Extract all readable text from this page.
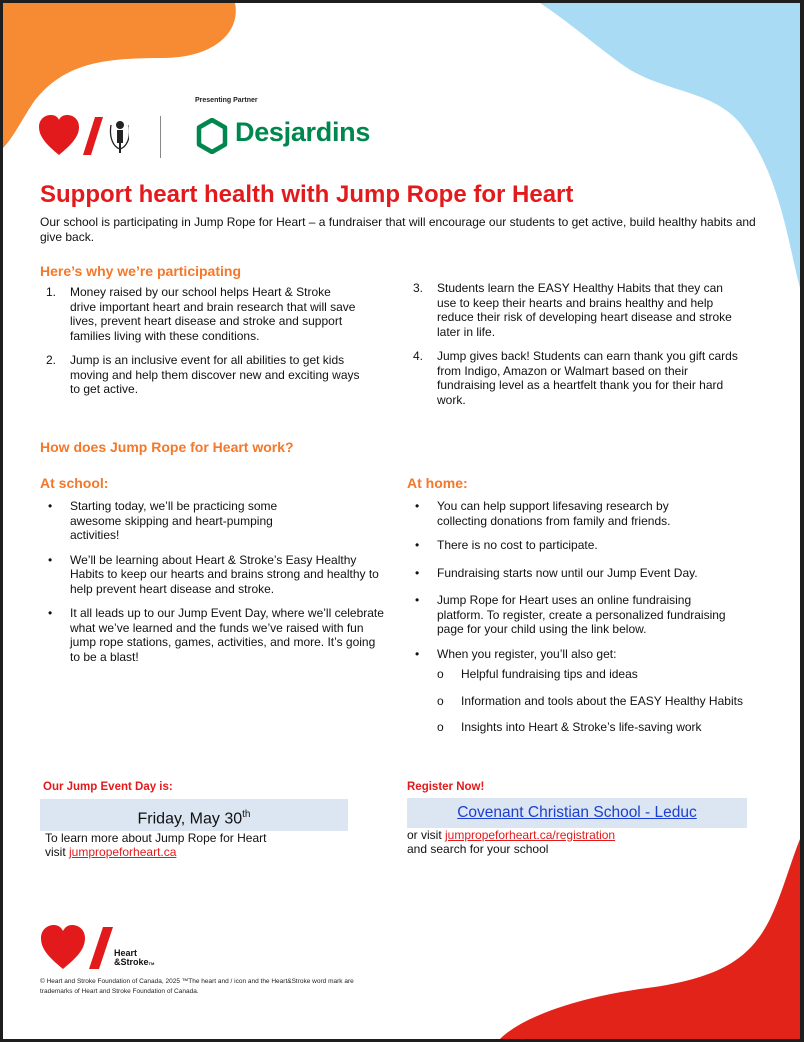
Presenting Partner
Desjardins
Support heart health with Jump Rope for Heart

Our school is participating in Jump Rope for Heart – a fundraiser that will encourage our students to get active, build healthy habits and give back.

Here’s why we’re participating
1. Money raised by our school helps Heart & Stroke drive important heart and brain research that will save lives, prevent heart disease and stroke and support families living with these conditions.
2. Jump is an inclusive event for all abilities to get kids moving and help them discover new and exciting ways to get active.
3. Students learn the EASY Healthy Habits that they can use to keep their hearts and brains healthy and help reduce their risk of developing heart disease and stroke later in life.
4. Jump gives back! Students can earn thank you gift cards from Indigo, Amazon or Walmart based on their fundraising level as a heartfelt thank you for their hard work.
How does Jump Rope for Heart work?
At school:
• Starting today, we’ll be practicing some awesome skipping and heart-pumping activities!
• We’ll be learning about Heart & Stroke’s Easy Healthy Habits to keep our hearts and brains strong and healthy to help prevent heart disease and stroke.
• It all leads up to our Jump Event Day, where we’ll celebrate what we’ve learned and the funds we’ve raised with fun jump rope stations, games, activities, and more. It’s going to be a blast!
At home:
• You can help support lifesaving research by collecting donations from family and friends.
• There is no cost to participate.
• Fundraising starts now until our Jump Event Day.
• Jump Rope for Heart uses an online fundraising platform. To register, create a personalized fundraising page for your child using the link below.
• When you register, you’ll also get:
o Helpful fundraising tips and ideas
o Information and tools about the EASY Healthy Habits
o Insights into Heart & Stroke’s life-saving work
Our Jump Event Day is:
Friday, May 30th
To learn more about Jump Rope for Heart
visit jumpropeforheart.ca
Register Now!
Covenant Christian School - Leduc
or visit jumpropeforheart.ca/registration
and search for your school
Heart
&StrokeTM
© Heart and Stroke Foundation of Canada, 2025 ™The heart and / icon and the Heart&Stroke word mark are trademarks of Heart and Stroke Foundation of Canada.
